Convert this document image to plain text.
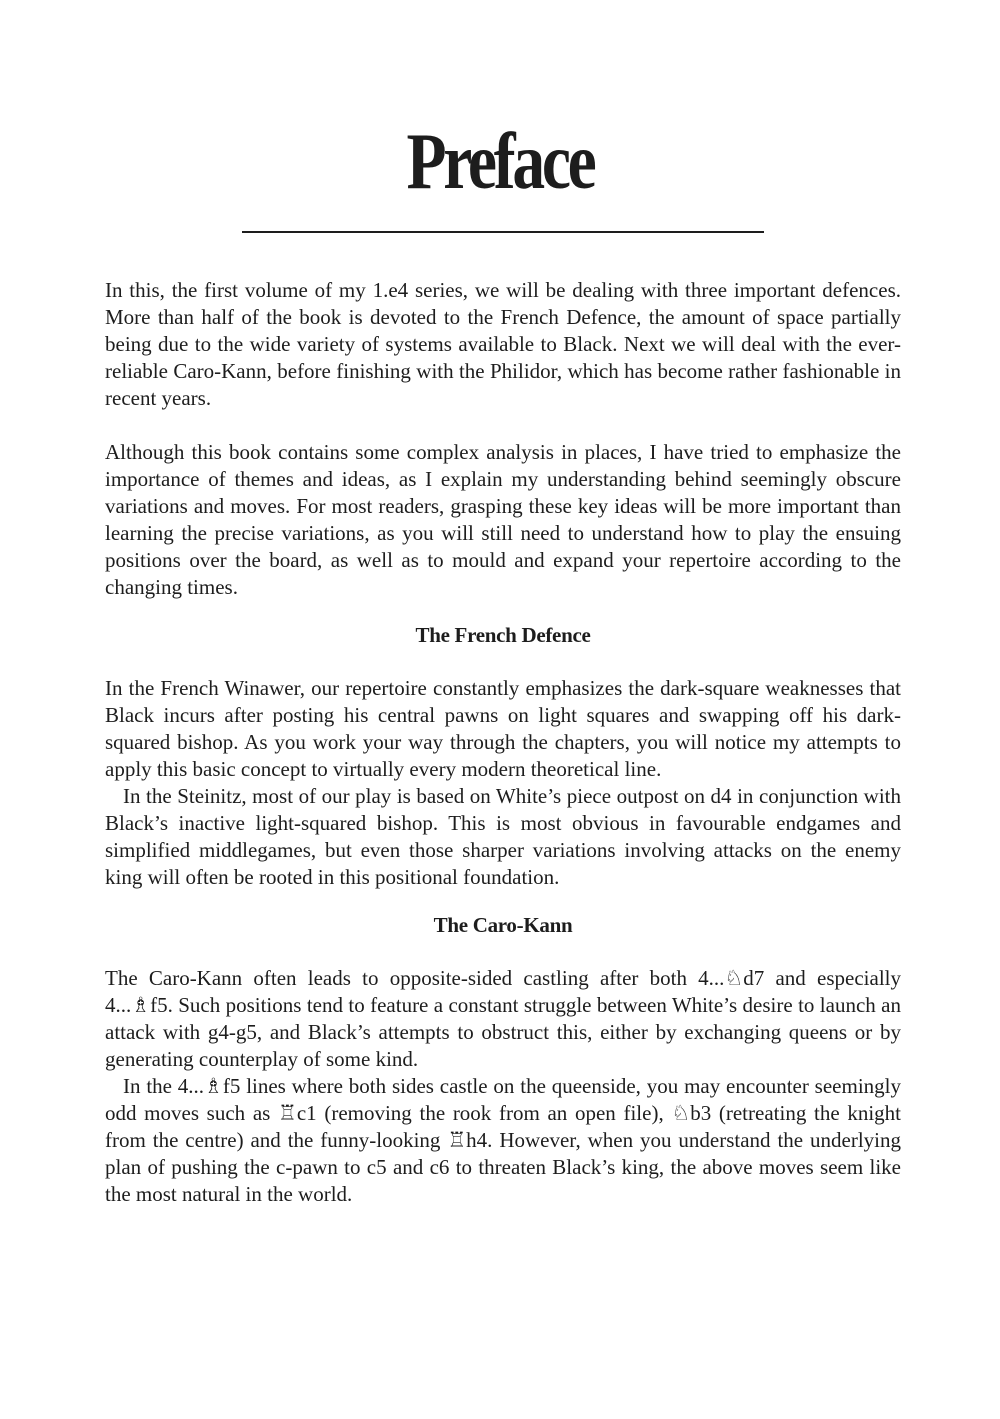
Preface

In this, the first volume of my 1.e4 series, we will be dealing with three important defences. More than half of the book is devoted to the French Defence, the amount of space partially being due to the wide variety of systems available to Black. Next we will deal with the ever-reliable Caro-Kann, before finishing with the Philidor, which has become rather fashionable in recent years.

Although this book contains some complex analysis in places, I have tried to emphasize the importance of themes and ideas, as I explain my understanding behind seemingly obscure variations and moves. For most readers, grasping these key ideas will be more important than learning the precise variations, as you will still need to understand how to play the ensuing positions over the board, as well as to mould and expand your repertoire according to the changing times.

The French Defence

In the French Winawer, our repertoire constantly emphasizes the dark-square weaknesses that Black incurs after posting his central pawns on light squares and swapping off his dark-squared bishop. As you work your way through the chapters, you will notice my attempts to apply this basic concept to virtually every modern theoretical line.

In the Steinitz, most of our play is based on White’s piece outpost on d4 in conjunction with Black’s inactive light-squared bishop. This is most obvious in favourable endgames and simplified middlegames, but even those sharper variations involving attacks on the enemy king will often be rooted in this positional foundation.

The Caro-Kann

The Caro-Kann often leads to opposite-sided castling after both 4...♘d7 and especially 4...♗f5. Such positions tend to feature a constant struggle between White’s desire to launch an attack with g4-g5, and Black’s attempts to obstruct this, either by exchanging queens or by generating counterplay of some kind.

In the 4...♗f5 lines where both sides castle on the queenside, you may encounter seemingly odd moves such as ♖c1 (removing the rook from an open file), ♘b3 (retreating the knight from the centre) and the funny-looking ♖h4. However, when you understand the underlying plan of pushing the c-pawn to c5 and c6 to threaten Black’s king, the above moves seem like the most natural in the world.
